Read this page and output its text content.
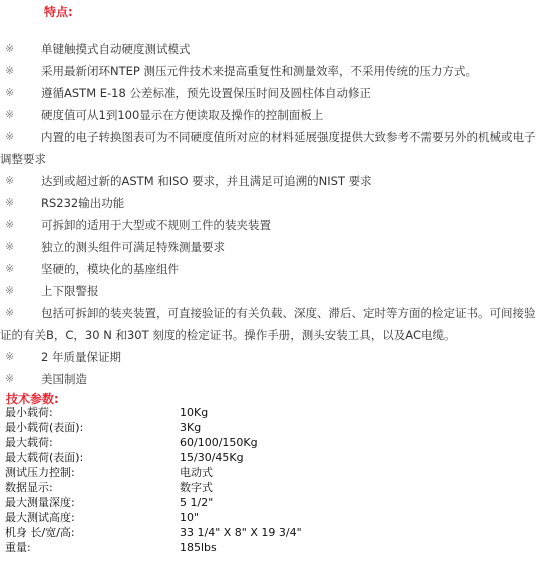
特点:
※ 单键触摸式自动硬度测试模式
※ 采用最新闭环NTEP 测压元件技术来提高重复性和测量效率，不采用传统的压力方式。
※ 遵循ASTM E-18 公差标准，预先设置保压时间及圆柱体自动修正
※ 硬度值可从1到100显示在方便读取及操作的控制面板上
※ 内置的电子转换图表可为不同硬度值所对应的材料延展强度提供大致参考不需要另外的机械或电子调整要求
※ 达到或超过新的ASTM 和ISO 要求，并且满足可追溯的NIST 要求
※ RS232输出功能
※ 可拆卸的适用于大型或不规则工件的装夹装置
※ 独立的测头组件可满足特殊测量要求
※ 坚硬的，模块化的基座组件
※ 上下限警报
※ 包括可拆卸的装夹装置，可直接验证的有关负载、深度、滞后、定时等方面的检定证书。可间接验证的有关B，C，30 N 和30T 刻度的检定证书。操作手册，测头安装工具，以及AC电缆。
※ 2 年质量保证期
※ 美国制造
技术参数:
最小载荷:	10Kg
最小载荷(表面):	3Kg
最大载荷:	60/100/150Kg
最大载荷(表面):	15/30/45Kg
测试压力控制:	电动式
数据显示:	数字式
最大测量深度:	5 1/2"
最大测试高度:	10"
机身 长/宽/高:	33 1/4" X 8" X 19 3/4"
重量:	185lbs
